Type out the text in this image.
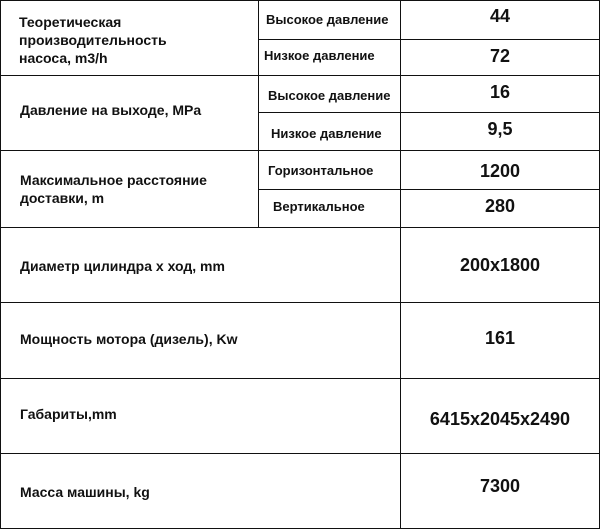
Теоретическая
производительность
насоса, m3/h
Высокое давление	44
Низкое давление	72
Давление на выходе, MPa
Высокое давление	16
Низкое давление	9,5
Максимальное расстояние
доставки, m
Горизонтальное	1200
Вертикальное	280
Диаметр цилиндра x ход, mm	200x1800
Мощность мотора (дизель), Kw	161
Габариты,mm	6415x2045x2490
Масса машины, kg	7300
